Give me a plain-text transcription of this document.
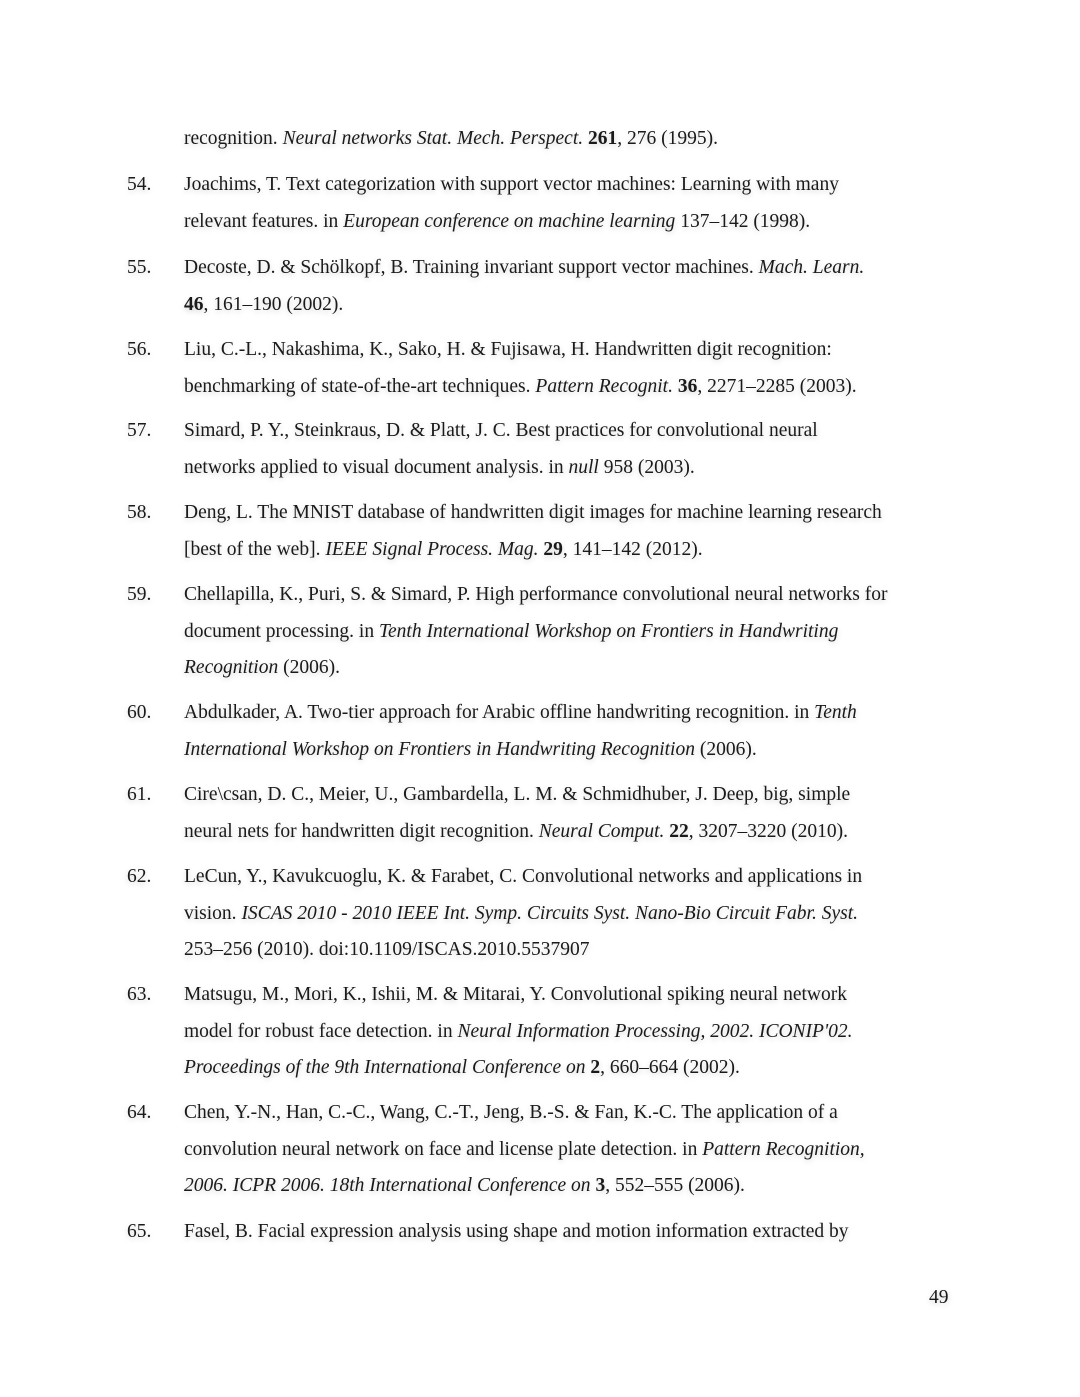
recognition. Neural networks Stat. Mech. Perspect. 261, 276 (1995).
54. Joachims, T. Text categorization with support vector machines: Learning with many
relevant features. in European conference on machine learning 137–142 (1998).
55. Decoste, D. & Schölkopf, B. Training invariant support vector machines. Mach. Learn.
46, 161–190 (2002).
56. Liu, C.-L., Nakashima, K., Sako, H. & Fujisawa, H. Handwritten digit recognition:
benchmarking of state-of-the-art techniques. Pattern Recognit. 36, 2271–2285 (2003).
57. Simard, P. Y., Steinkraus, D. & Platt, J. C. Best practices for convolutional neural
networks applied to visual document analysis. in null 958 (2003).
58. Deng, L. The MNIST database of handwritten digit images for machine learning research
[best of the web]. IEEE Signal Process. Mag. 29, 141–142 (2012).
59. Chellapilla, K., Puri, S. & Simard, P. High performance convolutional neural networks for
document processing. in Tenth International Workshop on Frontiers in Handwriting
Recognition (2006).
60. Abdulkader, A. Two-tier approach for Arabic offline handwriting recognition. in Tenth
International Workshop on Frontiers in Handwriting Recognition (2006).
61. Cire\csan, D. C., Meier, U., Gambardella, L. M. & Schmidhuber, J. Deep, big, simple
neural nets for handwritten digit recognition. Neural Comput. 22, 3207–3220 (2010).
62. LeCun, Y., Kavukcuoglu, K. & Farabet, C. Convolutional networks and applications in
vision. ISCAS 2010 - 2010 IEEE Int. Symp. Circuits Syst. Nano-Bio Circuit Fabr. Syst.
253–256 (2010). doi:10.1109/ISCAS.2010.5537907
63. Matsugu, M., Mori, K., Ishii, M. & Mitarai, Y. Convolutional spiking neural network
model for robust face detection. in Neural Information Processing, 2002. ICONIP'02.
Proceedings of the 9th International Conference on 2, 660–664 (2002).
64. Chen, Y.-N., Han, C.-C., Wang, C.-T., Jeng, B.-S. & Fan, K.-C. The application of a
convolution neural network on face and license plate detection. in Pattern Recognition,
2006. ICPR 2006. 18th International Conference on 3, 552–555 (2006).
65. Fasel, B. Facial expression analysis using shape and motion information extracted by
49
